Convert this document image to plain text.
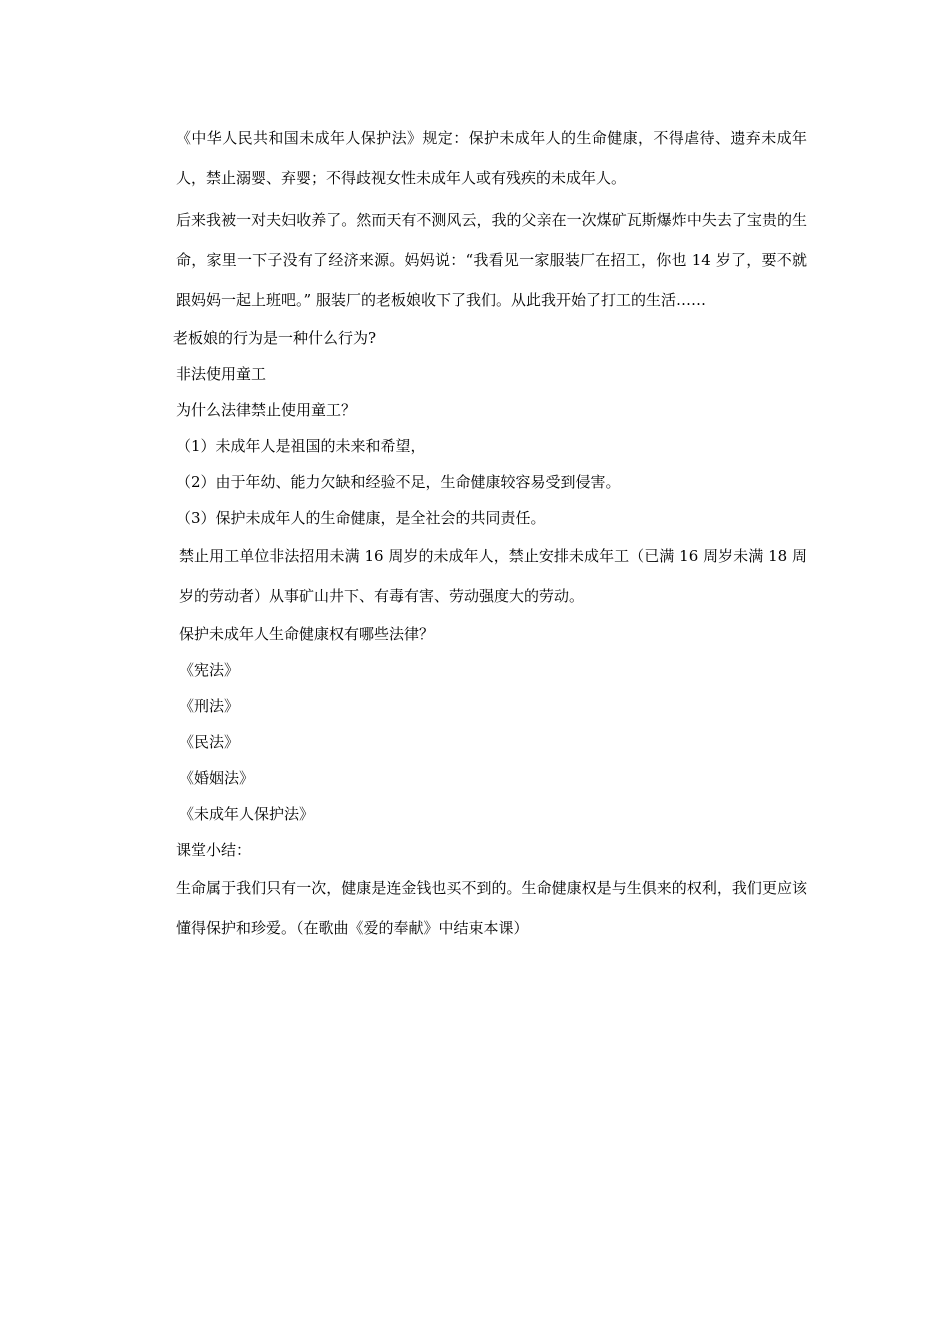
《中华人民共和国未成年人保护法》规定：保护未成年人的生命健康，不得虐待、遗弃未成年人，禁止溺婴、弃婴；不得歧视女性未成年人或有残疾的未成年人。

后来我被一对夫妇收养了。然而天有不测风云，我的父亲在一次煤矿瓦斯爆炸中失去了宝贵的生命，家里一下子没有了经济来源。妈妈说：“我看见一家服装厂在招工，你也 14 岁了，要不就跟妈妈一起上班吧。” 服装厂的老板娘收下了我们。从此我开始了打工的生活……

老板娘的行为是一种什么行为?

非法使用童工

为什么法律禁止使用童工？

（1）未成年人是祖国的未来和希望，

（2）由于年幼、能力欠缺和经验不足，生命健康较容易受到侵害。

（3）保护未成年人的生命健康，是全社会的共同责任。

禁止用工单位非法招用未满 16 周岁的未成年人，禁止安排未成年工（已满 16 周岁未满 18 周岁的劳动者）从事矿山井下、有毒有害、劳动强度大的劳动。

保护未成年人生命健康权有哪些法律？

《宪法》

《刑法》

《民法》

《婚姻法》

《未成年人保护法》

课堂小结：

生命属于我们只有一次，健康是连金钱也买不到的。生命健康权是与生俱来的权利，我们更应该懂得保护和珍爱。（在歌曲《爱的奉献》中结束本课）
